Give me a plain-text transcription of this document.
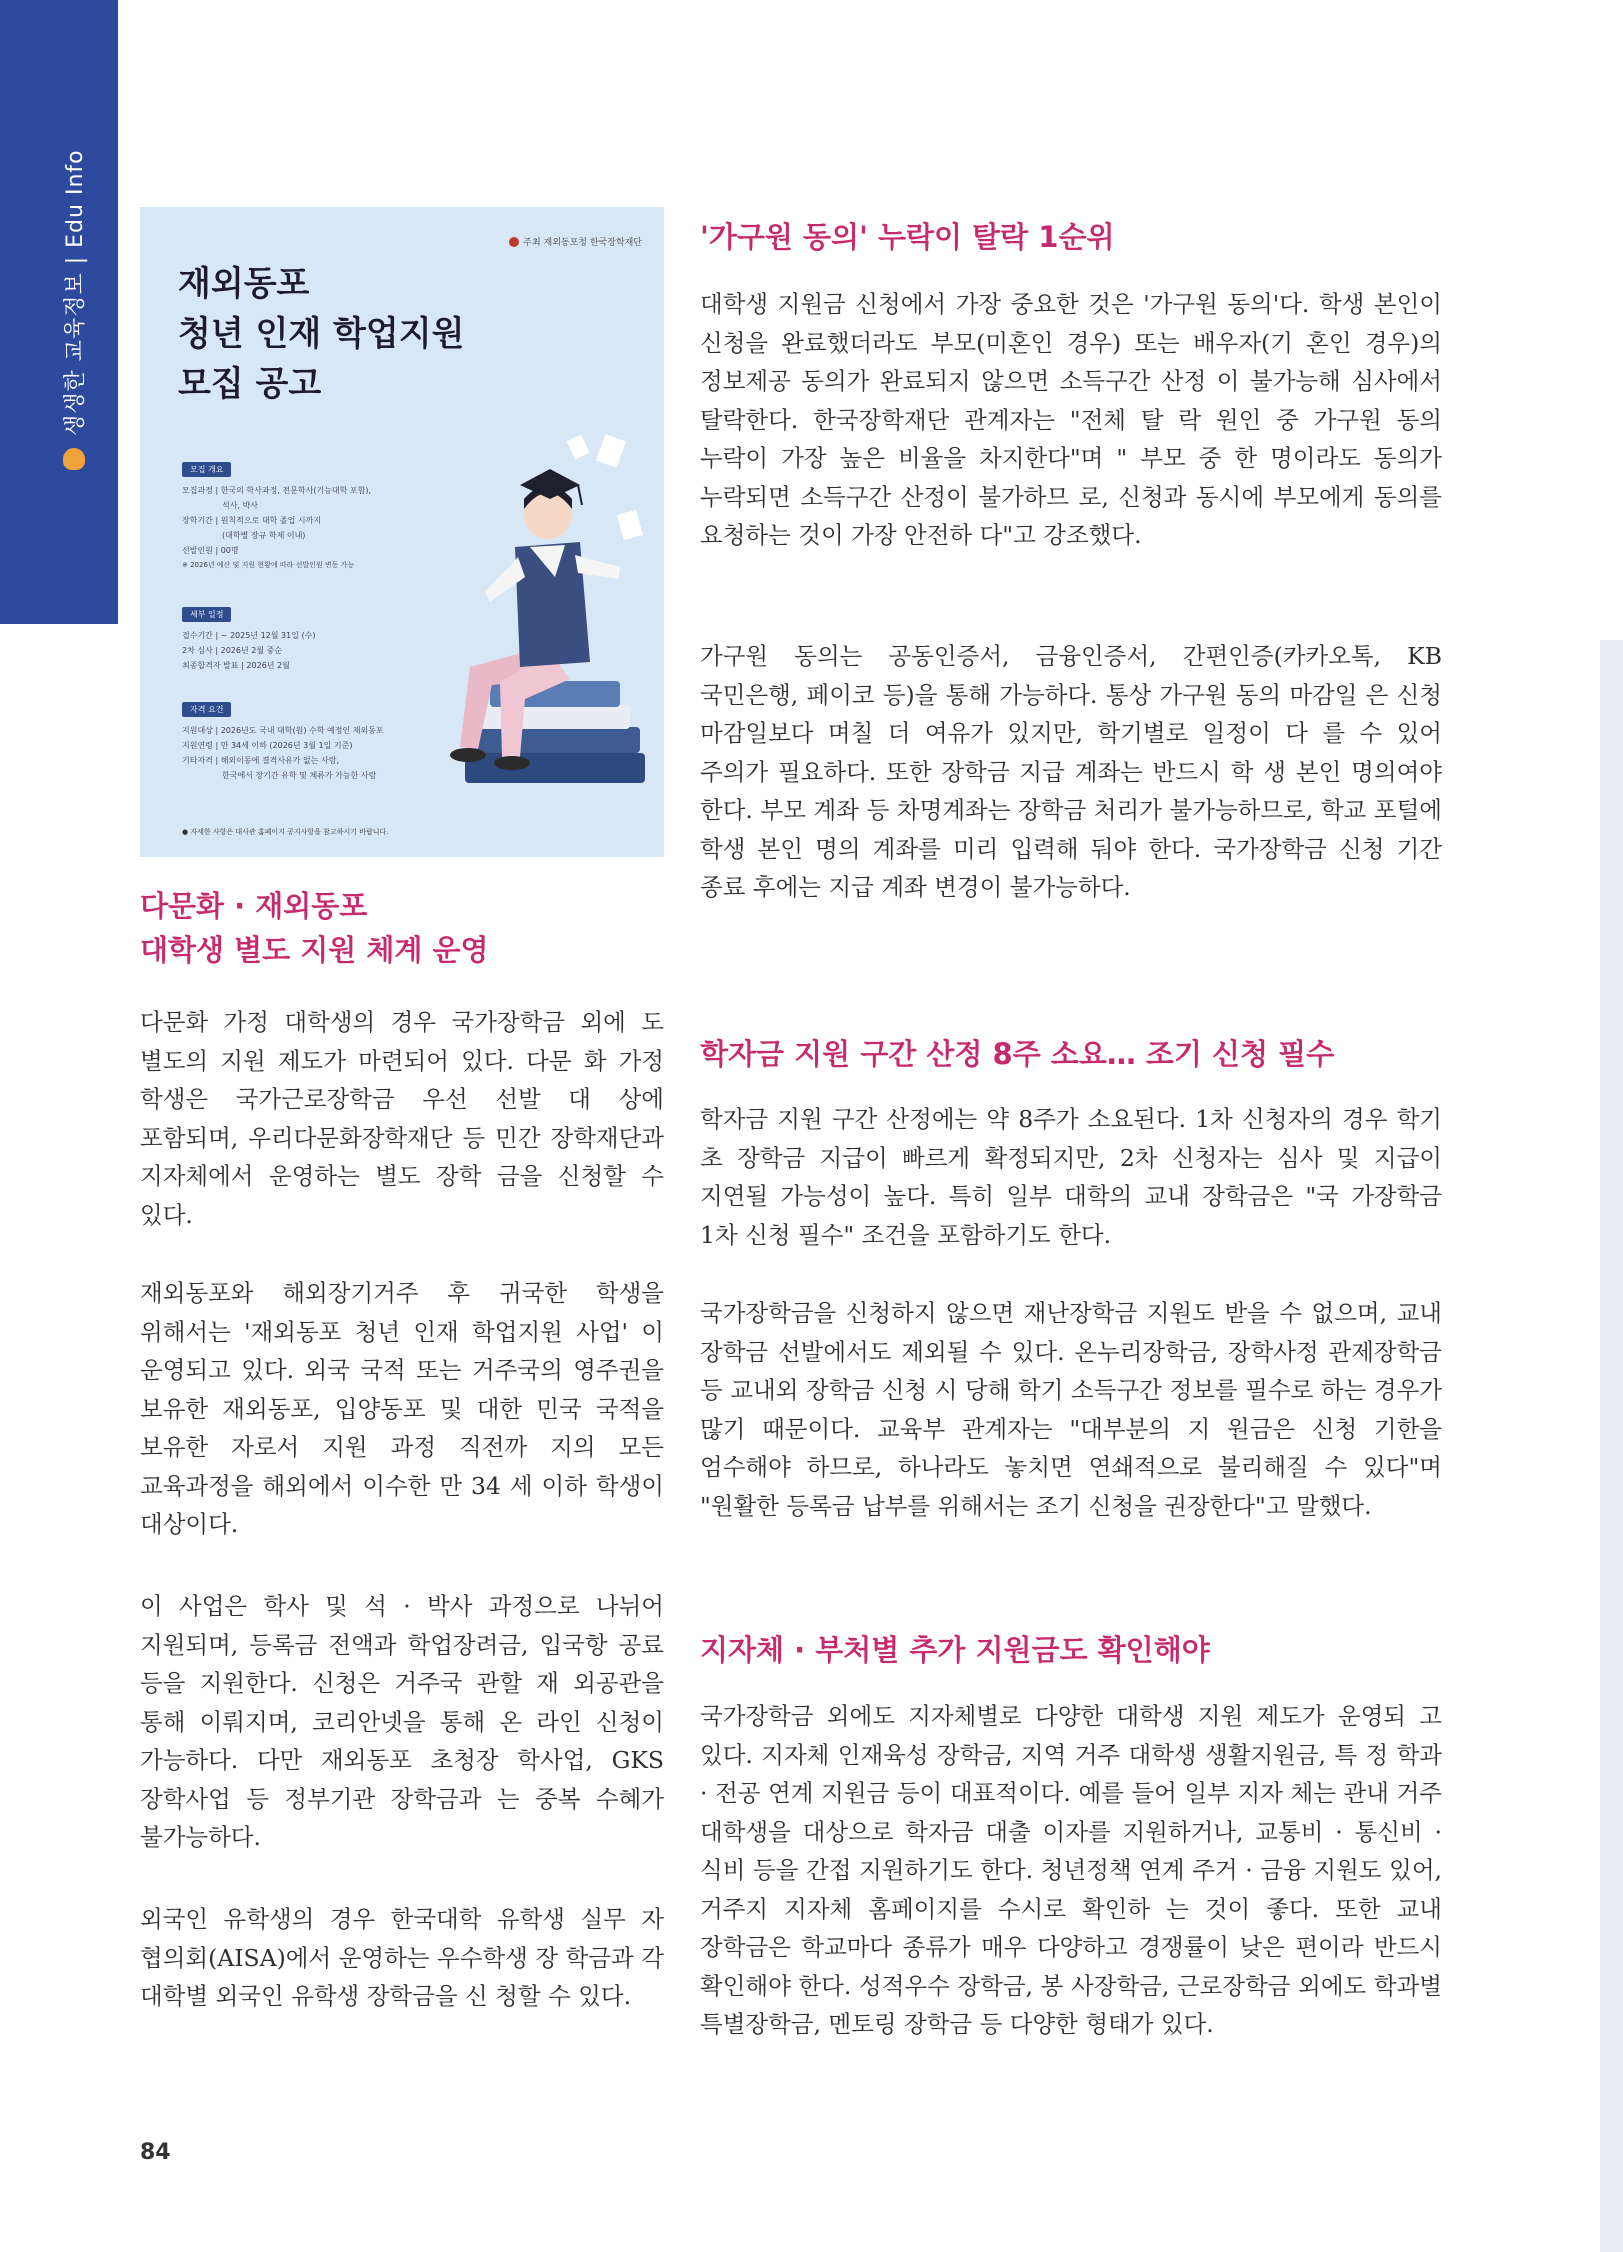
생생한 교육정보 | Edu Info	주최 재외동포청 한국장학재단
재외동포
청년 인재 학업지원
모집 공고
모집 개요
모집과정 | 한국의 학사과정, 전문학사(기능대학 포함),
석사, 박사
장학기간 | 원칙적으로 대학 졸업 시까지
(대학별 장규 학제 이내)
선발인원 | 00명
※ 2026년 예산 및 지원 현황에 따라 선발인원 변동 가능
세부 일정
접수기간 | ~ 2025년 12월 31일 (수)
2차 심사 | 2026년 2월 중순
최종합격자 발표 | 2026년 2월
자격 요건
지원대상 | 2026년도 국내 대학(원) 수학 예정인 재외동포
지원연령 | 만 34세 이하 (2026년 3월 1일 기준)
기타자격 | 해외이동에 결격사유가 없는 사람,
한국에서 장기간 유학 및 체류가 가능한 사람
● 자세한 사항은 대사관 홈페이지 공지사항을 참고하시기 바랍니다.
다문화 · 재외동포
대학생 별도 지원 체계 운영

다문화 가정 대학생의 경우 국가장학금 외에 도 별도의 지원 제도가 마련되어 있다. 다문 화 가정 학생은 국가근로장학금 우선 선발 대 상에 포함되며, 우리다문화장학재단 등 민간 장학재단과 지자체에서 운영하는 별도 장학 금을 신청할 수 있다.

재외동포와 해외장기거주 후 귀국한 학생을 위해서는 '재외동포 청년 인재 학업지원 사업' 이 운영되고 있다. 외국 국적 또는 거주국의 영주권을 보유한 재외동포, 입양동포 및 대한 민국 국적을 보유한 자로서 지원 과정 직전까 지의 모든 교육과정을 해외에서 이수한 만 34 세 이하 학생이 대상이다.

이 사업은 학사 및 석 · 박사 과정으로 나뉘어 지원되며, 등록금 전액과 학업장려금, 입국항 공료 등을 지원한다. 신청은 거주국 관할 재 외공관을 통해 이뤄지며, 코리안넷을 통해 온 라인 신청이 가능하다. 다만 재외동포 초청장 학사업, GKS 장학사업 등 정부기관 장학금과 는 중복 수혜가 불가능하다.

외국인 유학생의 경우 한국대학 유학생 실무 자 협의회(AISA)에서 운영하는 우수학생 장 학금과 각 대학별 외국인 유학생 장학금을 신 청할 수 있다.

'가구원 동의' 누락이 탈락 1순위

대학생 지원금 신청에서 가장 중요한 것은 '가구원 동의'다. 학생 본인이 신청을 완료했더라도 부모(미혼인 경우) 또는 배우자(기 혼인 경우)의 정보제공 동의가 완료되지 않으면 소득구간 산정 이 불가능해 심사에서 탈락한다. 한국장학재단 관계자는 "전체 탈 락 원인 중 가구원 동의 누락이 가장 높은 비율을 차지한다"며 " 부모 중 한 명이라도 동의가 누락되면 소득구간 산정이 불가하므 로, 신청과 동시에 부모에게 동의를 요청하는 것이 가장 안전하 다"고 강조했다.

가구원 동의는 공동인증서, 금융인증서, 간편인증(카카오톡, KB 국민은행, 페이코 등)을 통해 가능하다. 통상 가구원 동의 마감일 은 신청 마감일보다 며칠 더 여유가 있지만, 학기별로 일정이 다 를 수 있어 주의가 필요하다. 또한 장학금 지급 계좌는 반드시 학 생 본인 명의여야 한다. 부모 계좌 등 차명계좌는 장학금 처리가 불가능하므로, 학교 포털에 학생 본인 명의 계좌를 미리 입력해 둬야 한다. 국가장학금 신청 기간 종료 후에는 지급 계좌 변경이 불가능하다.

학자금 지원 구간 산정 8주 소요… 조기 신청 필수

학자금 지원 구간 산정에는 약 8주가 소요된다. 1차 신청자의 경우 학기 초 장학금 지급이 빠르게 확정되지만, 2차 신청자는 심사 및 지급이 지연될 가능성이 높다. 특히 일부 대학의 교내 장학금은 "국 가장학금 1차 신청 필수" 조건을 포함하기도 한다.

국가장학금을 신청하지 않으면 재난장학금 지원도 받을 수 없으며, 교내 장학금 선발에서도 제외될 수 있다. 온누리장학금, 장학사정 관제장학금 등 교내외 장학금 신청 시 당해 학기 소득구간 정보를 필수로 하는 경우가 많기 때문이다. 교육부 관계자는 "대부분의 지 원금은 신청 기한을 엄수해야 하므로, 하나라도 놓치면 연쇄적으로 불리해질 수 있다"며 "원활한 등록금 납부를 위해서는 조기 신청을 권장한다"고 말했다.

지자체 · 부처별 추가 지원금도 확인해야

국가장학금 외에도 지자체별로 다양한 대학생 지원 제도가 운영되 고 있다. 지자체 인재육성 장학금, 지역 거주 대학생 생활지원금, 특 정 학과 · 전공 연계 지원금 등이 대표적이다. 예를 들어 일부 지자 체는 관내 거주 대학생을 대상으로 학자금 대출 이자를 지원하거나, 교통비 · 통신비 · 식비 등을 간접 지원하기도 한다. 청년정책 연계 주거 · 금융 지원도 있어, 거주지 지자체 홈페이지를 수시로 확인하 는 것이 좋다. 또한 교내 장학금은 학교마다 종류가 매우 다양하고 경쟁률이 낮은 편이라 반드시 확인해야 한다. 성적우수 장학금, 봉 사장학금, 근로장학금 외에도 학과별 특별장학금, 멘토링 장학금 등 다양한 형태가 있다.

84
